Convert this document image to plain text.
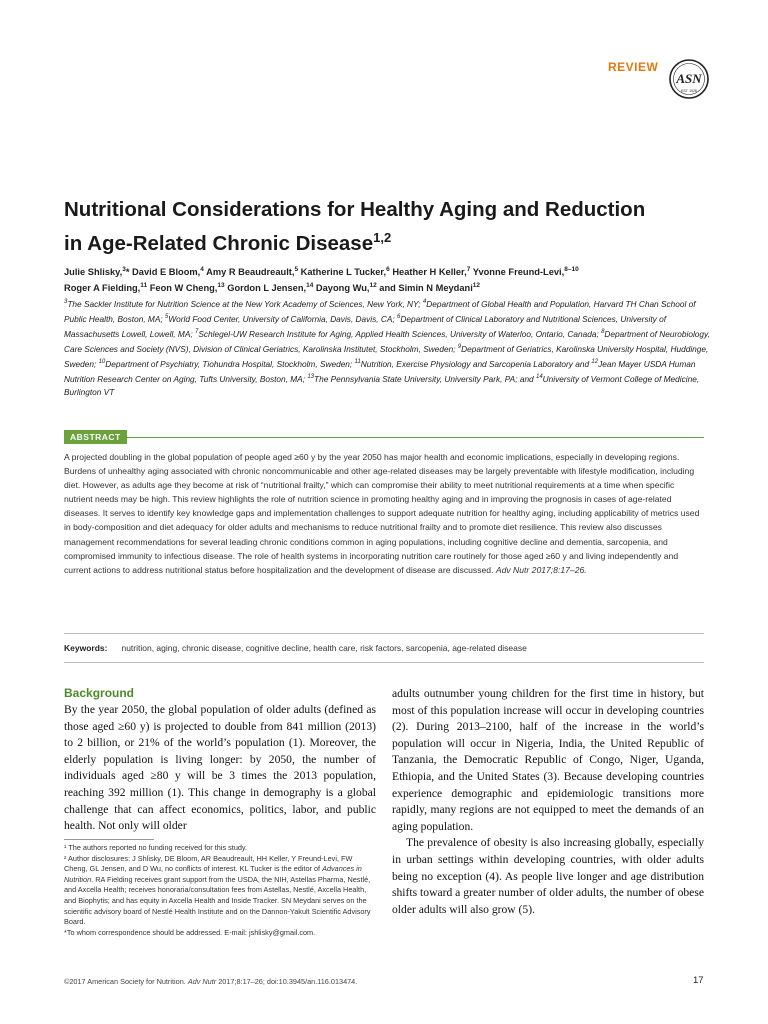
REVIEW
ASN
EST. 1928
Nutritional Considerations for Healthy Aging and Reduction in Age-Related Chronic Disease$^{1,2}$
Julie Shlisky,$^3$* David E Bloom,$^4$ Amy R Beaudreault,$^5$ Katherine L Tucker,$^6$ Heather H Keller,$^7$ Yvonne Freund-Levi,$^{8-10}$
Roger A Fielding,$^{11}$ Feon W Cheng,$^{13}$ Gordon L Jensen,$^{14}$ Dayong Wu,$^{12}$ and Simin N Meydani$^{12}$
$^3$The Sackler Institute for Nutrition Science at the New York Academy of Sciences, New York, NY; $^4$Department of Global Health and Population, Harvard TH Chan School of Public Health, Boston, MA; $^5$World Food Center, University of California, Davis, Davis, CA; $^6$Department of Clinical Laboratory and Nutritional Sciences, University of Massachusetts Lowell, Lowell, MA; $^7$Schlegel-UW Research Institute for Aging, Applied Health Sciences, University of Waterloo, Ontario, Canada; $^8$Department of Neurobiology, Care Sciences and Society (NVS), Division of Clinical Geriatrics, Karolinska Institutet, Stockholm, Sweden; $^9$Department of Geriatrics, Karolinska University Hospital, Huddinge, Sweden; $^{10}$Department of Psychiatry, Tiohundra Hospital, Stockholm, Sweden; $^{11}$Nutrition, Exercise Physiology and Sarcopenia Laboratory and $^{12}$Jean Mayer USDA Human Nutrition Research Center on Aging, Tufts University, Boston, MA; $^{13}$The Pennsylvania State University, University Park, PA; and $^{14}$University of Vermont College of Medicine, Burlington VT
ABSTRACT
A projected doubling in the global population of people aged ≥60 y by the year 2050 has major health and economic implications, especially in developing regions. Burdens of unhealthy aging associated with chronic noncommunicable and other age-related diseases may be largely preventable with lifestyle modification, including diet. However, as adults age they become at risk of “nutritional frailty,” which can compromise their ability to meet nutritional requirements at a time when specific nutrient needs may be high. This review highlights the role of nutrition science in promoting healthy aging and in improving the prognosis in cases of age-related diseases. It serves to identify key knowledge gaps and implementation challenges to support adequate nutrition for healthy aging, including applicability of metrics used in body-composition and diet adequacy for older adults and mechanisms to reduce nutritional frailty and to promote diet resilience. This review also discusses management recommendations for several leading chronic conditions common in aging populations, including cognitive decline and dementia, sarcopenia, and compromised immunity to infectious disease. The role of health systems in incorporating nutrition care routinely for those aged ≥60 y and living independently and current actions to address nutritional status before hospitalization and the development of disease are discussed. Adv Nutr 2017;8:17–26.
Keywords: nutrition, aging, chronic disease, cognitive decline, health care, risk factors, sarcopenia, age-related disease
Background
By the year 2050, the global population of older adults (defined as those aged ≥60 y) is projected to double from 841 million (2013) to 2 billion, or 21% of the world’s population (1). Moreover, the elderly population is living longer: by 2050, the number of individuals aged ≥80 y will be 3 times the 2013 population, reaching 392 million (1). This change in demography is a global challenge that can affect economics, politics, labor, and public health. Not only will older

¹ The authors reported no funding received for this study.

² Author disclosures: J Shlisky, DE Bloom, AR Beaudreault, HH Keller, Y Freund-Levi, FW Cheng, GL Jensen, and D Wu, no conflicts of interest. KL Tucker is the editor of Advances in Nutrition. RA Fielding receives grant support from the USDA, the NIH, Astellas Pharma, Nestlé, and Axcella Health; receives honoraria/consultation fees from Astellas, Nestlé, Axcella Health, and Biophytis; and has equity in Axcella Health and Inside Tracker. SN Meydani serves on the scientific advisory board of Nestlé Health Institute and on the Dannon-Yakult Scientific Advisory Board.

*To whom correspondence should be addressed. E-mail: jshlisky@gmail.com.

adults outnumber young children for the first time in history, but most of this population increase will occur in developing countries (2). During 2013–2100, half of the increase in the world’s population will occur in Nigeria, India, the United Republic of Tanzania, the Democratic Republic of Congo, Niger, Uganda, Ethiopia, and the United States (3). Because developing countries experience demographic and epidemiologic transitions more rapidly, many regions are not equipped to meet the demands of an aging population.

The prevalence of obesity is also increasing globally, especially in urban settings within developing countries, with older adults being no exception (4). As people live longer and age distribution shifts toward a greater number of older adults, the number of obese older adults will also grow (5).

©2017 American Society for Nutrition. Adv Nutr 2017;8:17–26; doi:10.3945/an.116.013474.	17
